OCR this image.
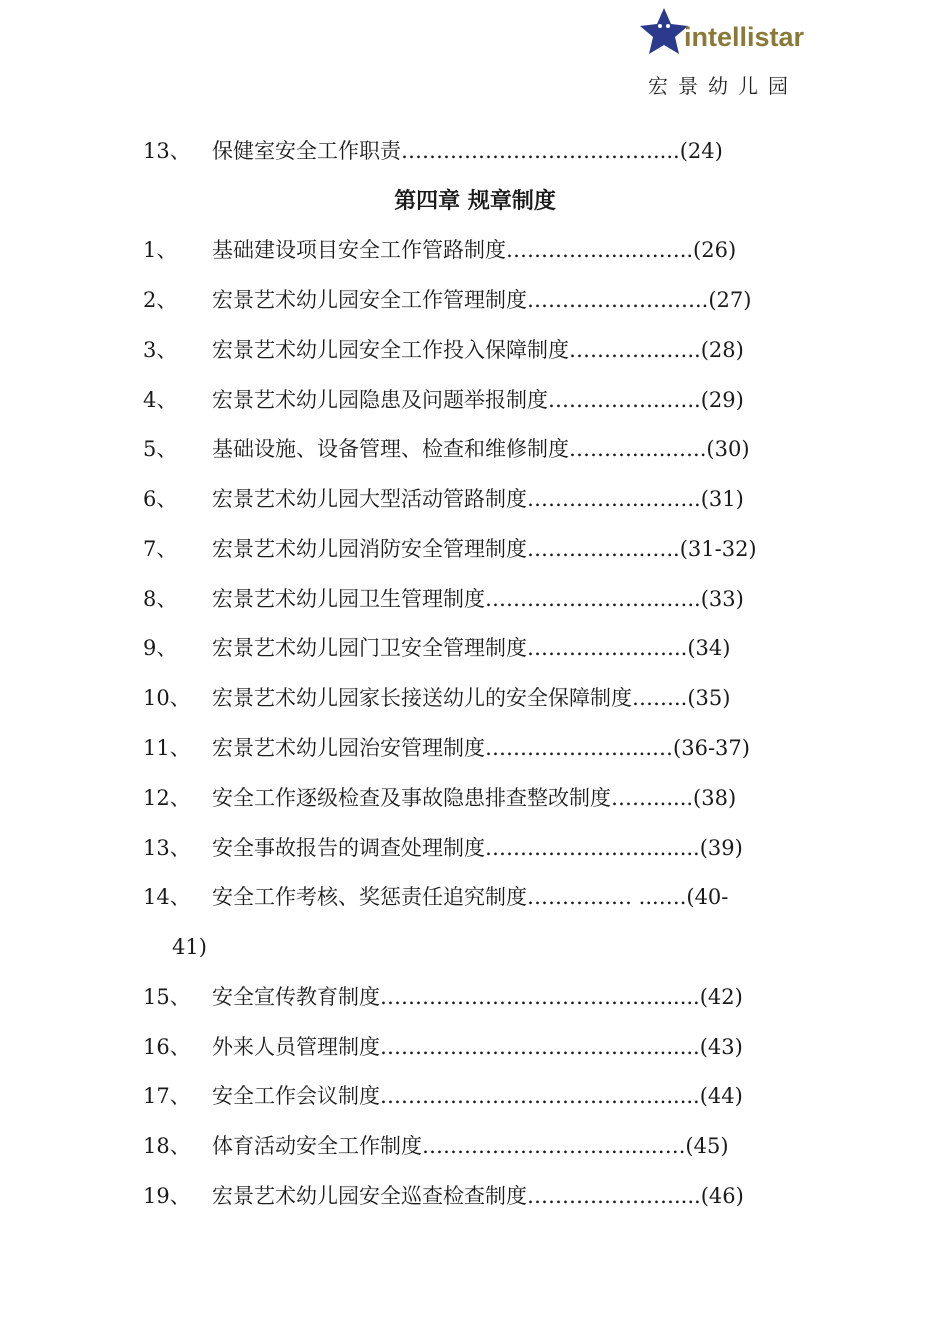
intellistar
宏景幼儿园
13、 保健室安全工作职责………………………………....(24)
第四章 规章制度
1、 基础建设项目安全工作管路制度……………....……..(26)
2、 宏景艺术幼儿园安全工作管理制度……………………..(27)
3、 宏景艺术幼儿园安全工作投入保障制度…………..…..(28)
4、 宏景艺术幼儿园隐患及问题举报制度……………..…..(29)
5、 基础设施、设备管理、检查和维修制度………......…..(30)
6、 宏景艺术幼儿园大型活动管路制度……………..……..(31)
7、 宏景艺术幼儿园消防安全管理制度……………..…..(31-32)
8、 宏景艺术幼儿园卫生管理制度……………………..…..(33)
9、 宏景艺术幼儿园门卫安全管理制度…………………..(34)
10、 宏景艺术幼儿园家长接送幼儿的安全保障制度……..(35)
11、 宏景艺术幼儿园治安管理制度…………………...…(36-37)
12、 安全工作逐级检查及事故隐患排查整改制度……......(38)
13、 安全事故报告的调查处理制度…………………….......(39)
14、 安全工作考核、奖惩责任追究制度…………… ...….(40-
41)
15、 安全宣传教育制度………………………………….......(42)
16、 外来人员管理制度………………………………….......(43)
17、 安全工作会议制度………………………………….......(44)
18、 体育活动安全工作制度……………………….......….(45)
19、 宏景艺术幼儿园安全巡查检查制度…………………....(46)
